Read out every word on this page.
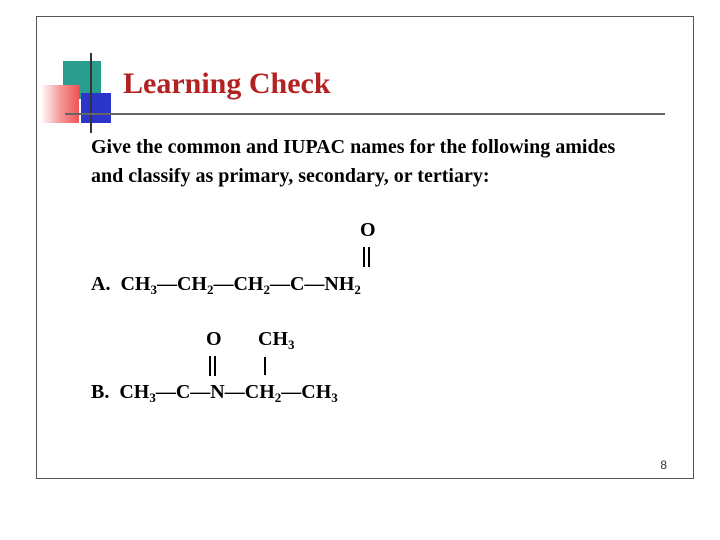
Learning Check

Give the common and IUPAC names for the following amides and classify as primary, secondary, or tertiary:

O
A. $CH_3—CH_2—CH_2—C—NH_2$
O $CH_3$
B. $CH_3—C—N—CH_2—CH_3$
8
